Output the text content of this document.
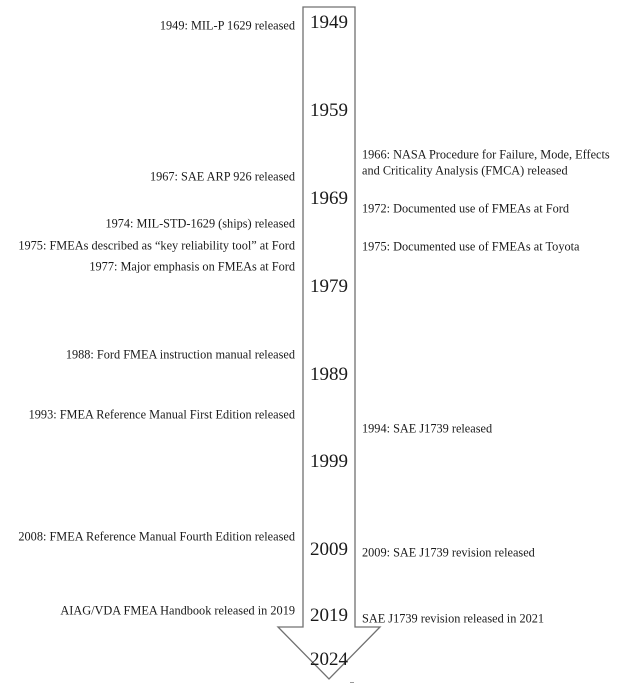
1949
1959
1969
1979
1989
1999
2009
2019
2024
1949: MIL-P 1629 released
1967: SAE ARP 926 released
1974: MIL-STD-1629 (ships) released
1975: FMEAs described as “key reliability tool” at Ford
1977: Major emphasis on FMEAs at Ford
1988: Ford FMEA instruction manual released
1993: FMEA Reference Manual First Edition released
2008: FMEA Reference Manual Fourth Edition released
AIAG/VDA FMEA Handbook released in 2019
1966: NASA Procedure for Failure, Mode, Effects
and Criticality Analysis (FMCA) released
1972: Documented use of FMEAs at Ford
1975: Documented use of FMEAs at Toyota
1994: SAE J1739 released
2009: SAE J1739 revision released
SAE J1739 revision released in 2021
